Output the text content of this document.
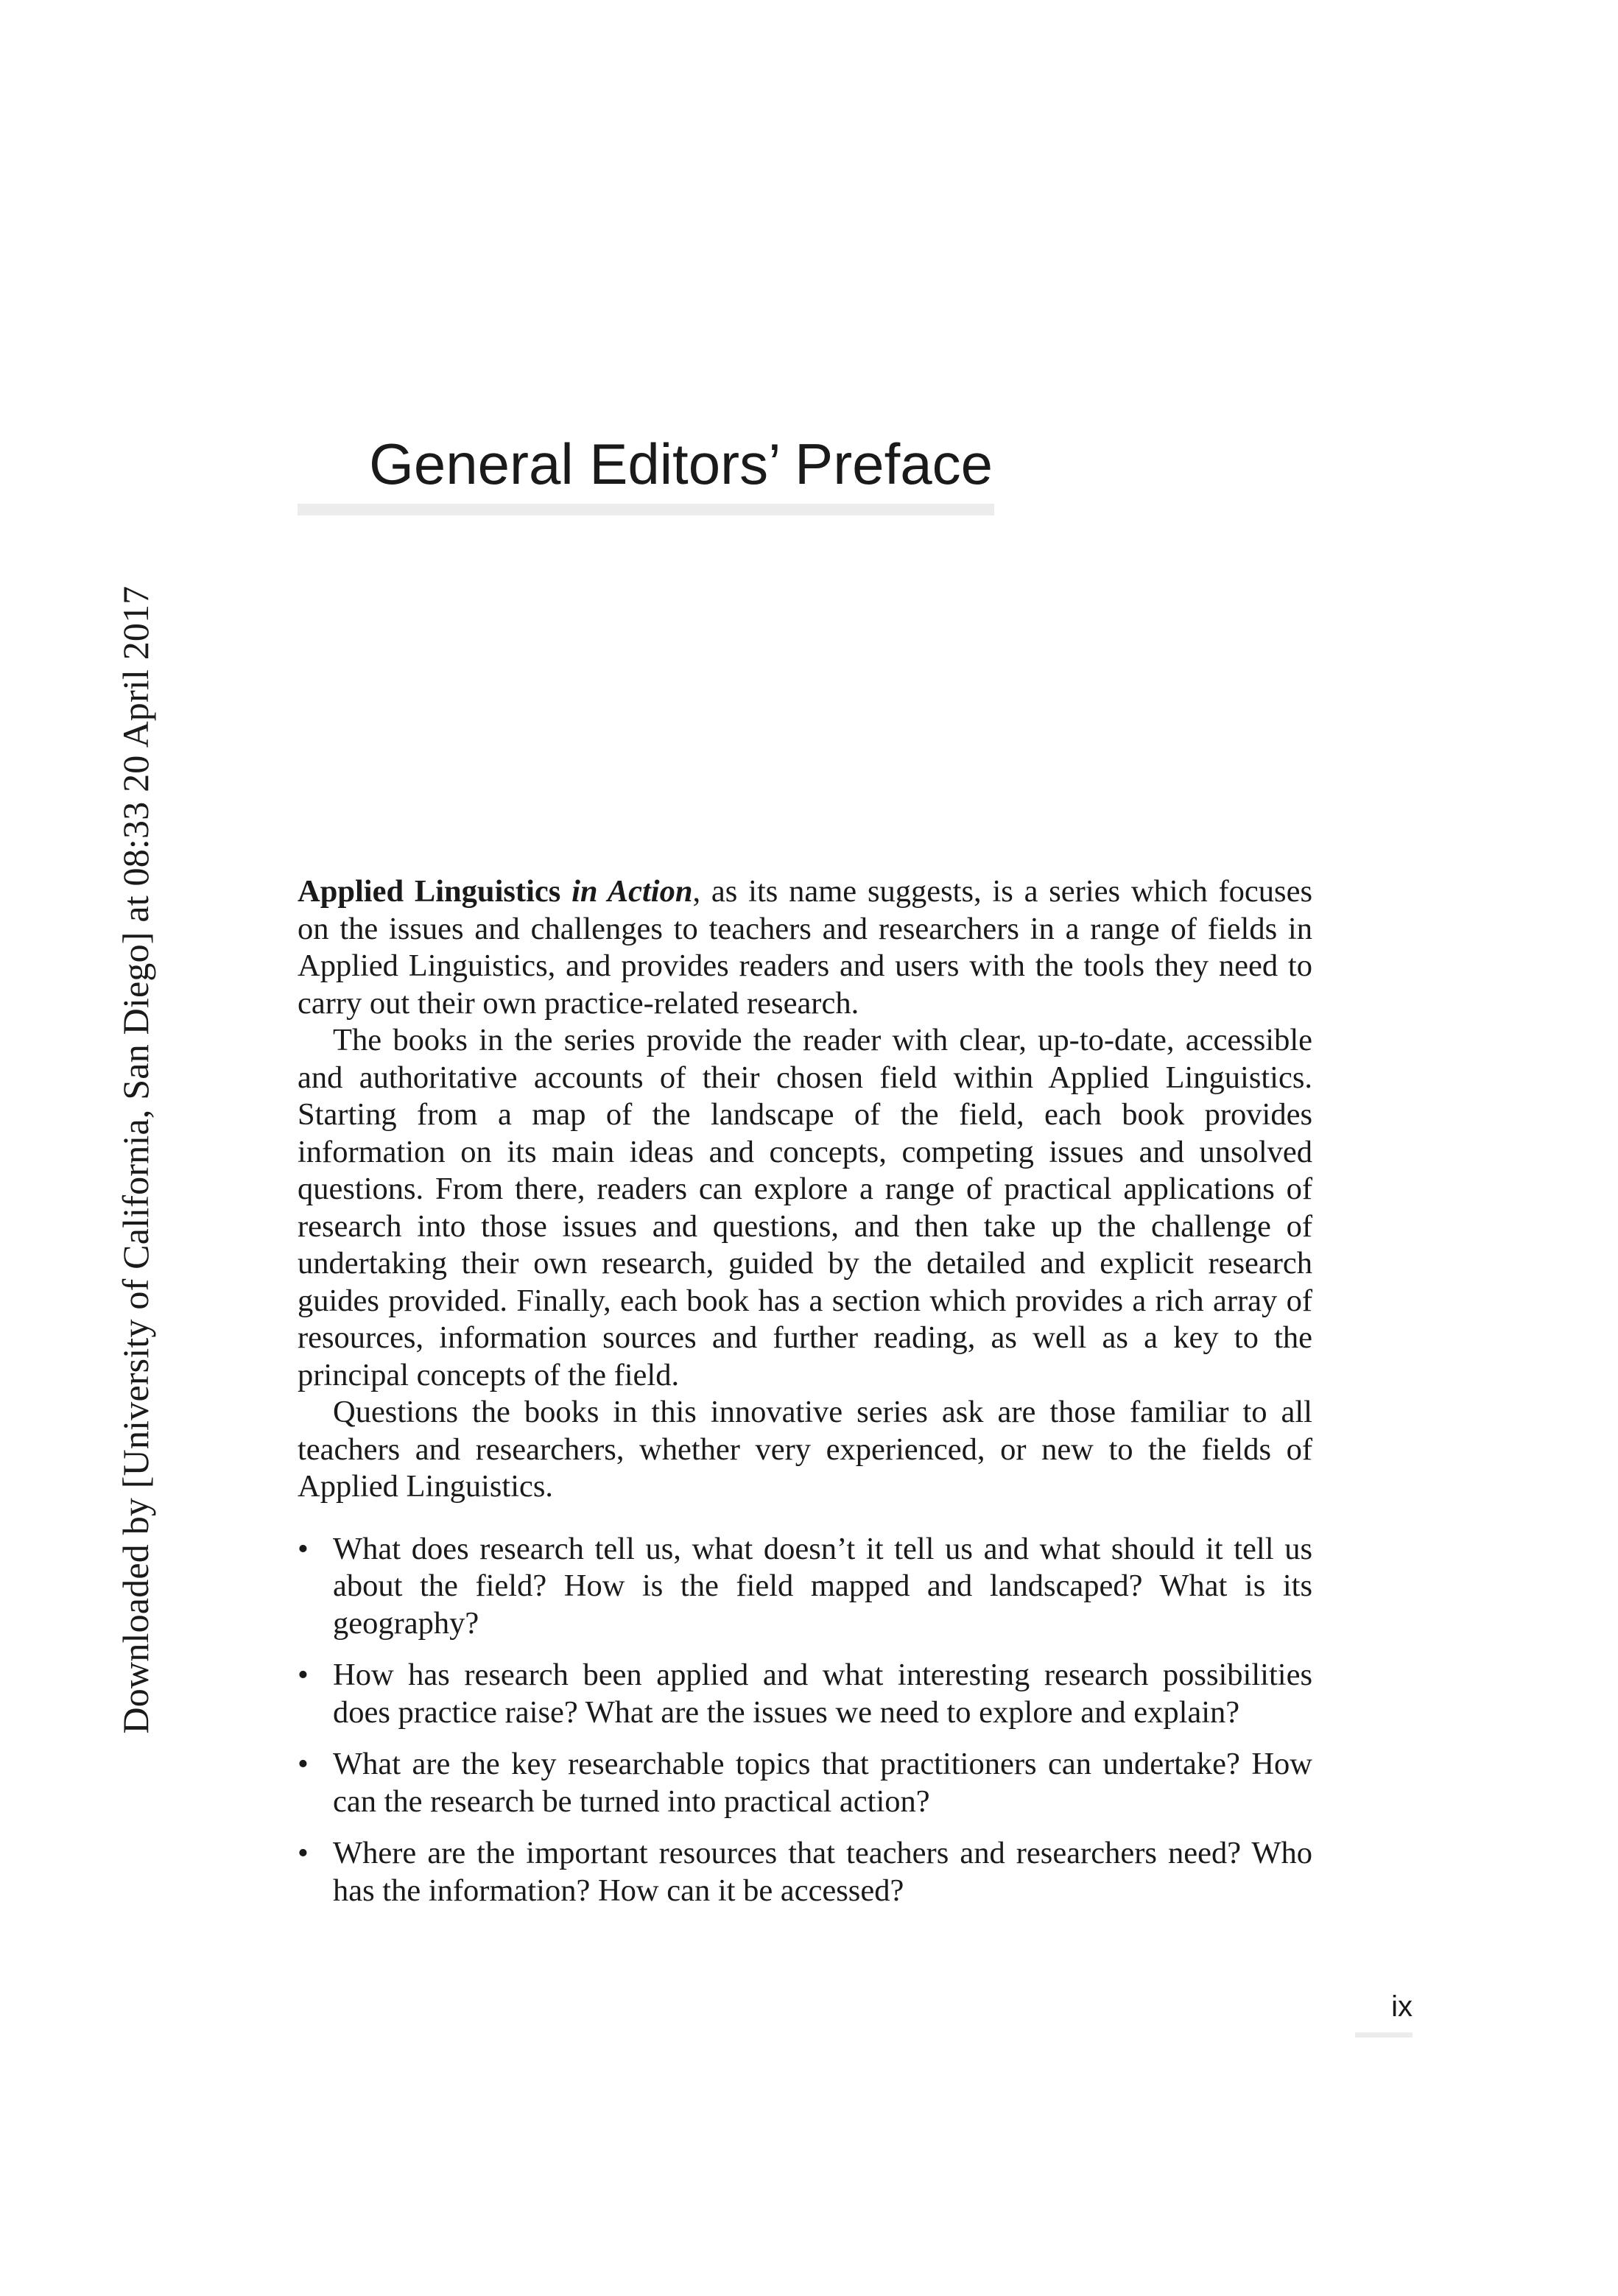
Downloaded by [University of California, San Diego] at 08:33 20 April 2017
General Editors’ Preface

Applied Linguistics in Action, as its name suggests, is a series which focuses on the issues and challenges to teachers and researchers in a range of fields in Applied Linguistics, and provides readers and users with the tools they need to carry out their own practice-related research.

The books in the series provide the reader with clear, up-to-date, accessible and authoritative accounts of their chosen field within Applied Linguistics. Starting from a map of the landscape of the field, each book provides information on its main ideas and concepts, competing issues and unsolved questions. From there, readers can explore a range of practical applications of research into those issues and questions, and then take up the challenge of undertaking their own research, guided by the detailed and explicit research guides provided. Finally, each book has a section which provides a rich array of resources, information sources and further reading, as well as a key to the principal concepts of the field.

Questions the books in this innovative series ask are those familiar to all teachers and researchers, whether very experienced, or new to the fields of Applied Linguistics.

• What does research tell us, what doesn’t it tell us and what should it tell us about the field? How is the field mapped and landscaped? What is its geography?
• How has research been applied and what interesting research possibilities does practice raise? What are the issues we need to explore and explain?
• What are the key researchable topics that practitioners can undertake? How can the research be turned into practical action?
• Where are the important resources that teachers and researchers need? Who has the information? How can it be accessed?
ix
